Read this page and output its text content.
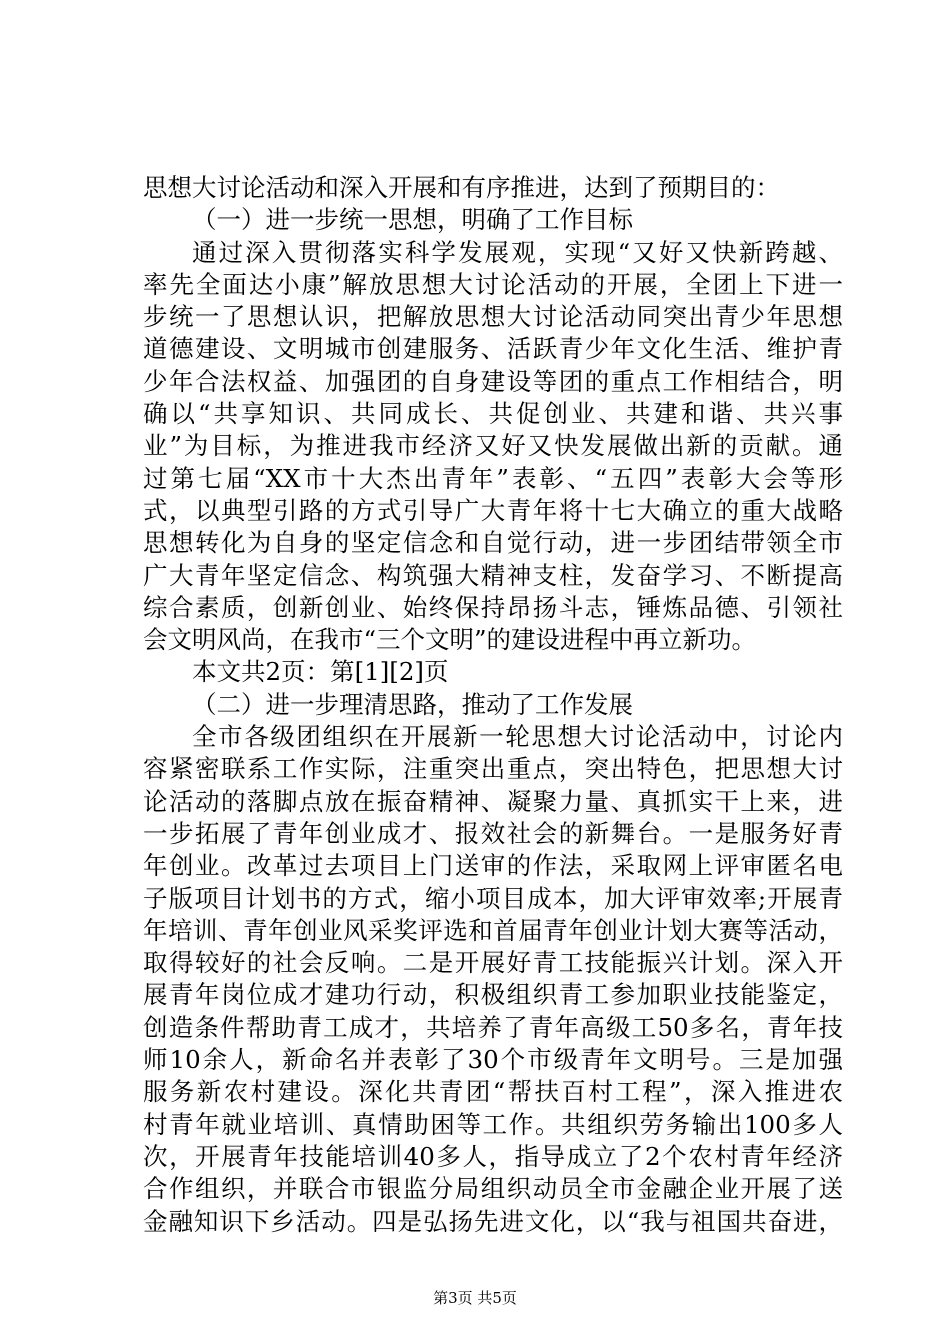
思想大讨论活动和深入开展和有序推进，达到了预期目的：
（一）进一步统一思想，明确了工作目标
通过深入贯彻落实科学发展观，实现“又好又快新跨越、
率先全面达小康”解放思想大讨论活动的开展，全团上下进一
步统一了思想认识，把解放思想大讨论活动同突出青少年思想
道德建设、文明城市创建服务、活跃青少年文化生活、维护青
少年合法权益、加强团的自身建设等团的重点工作相结合，明
确以“共享知识、共同成长、共促创业、共建和谐、共兴事
业”为目标，为推进我市经济又好又快发展做出新的贡献。通
过第七届“XX市十大杰出青年”表彰、“五四”表彰大会等形
式，以典型引路的方式引导广大青年将十七大确立的重大战略
思想转化为自身的坚定信念和自觉行动，进一步团结带领全市
广大青年坚定信念、构筑强大精神支柱，发奋学习、不断提高
综合素质，创新创业、始终保持昂扬斗志，锤炼品德、引领社
会文明风尚，在我市“三个文明”的建设进程中再立新功。
本文共2页：第[1][2]页
（二）进一步理清思路，推动了工作发展
全市各级团组织在开展新一轮思想大讨论活动中，讨论内
容紧密联系工作实际，注重突出重点，突出特色，把思想大讨
论活动的落脚点放在振奋精神、凝聚力量、真抓实干上来，进
一步拓展了青年创业成才、报效社会的新舞台。一是服务好青
年创业。改革过去项目上门送审的作法，采取网上评审匿名电
子版项目计划书的方式，缩小项目成本，加大评审效率;开展青
年培训、青年创业风采奖评选和首届青年创业计划大赛等活动，
取得较好的社会反响。二是开展好青工技能振兴计划。深入开
展青年岗位成才建功行动，积极组织青工参加职业技能鉴定，
创造条件帮助青工成才，共培养了青年高级工50多名，青年技
师10余人，新命名并表彰了30个市级青年文明号。三是加强
服务新农村建设。深化共青团“帮扶百村工程”，深入推进农
村青年就业培训、真情助困等工作。共组织劳务输出100多人
次，开展青年技能培训40多人，指导成立了2个农村青年经济
合作组织，并联合市银监分局组织动员全市金融企业开展了送
金融知识下乡活动。四是弘扬先进文化，以“我与祖国共奋进，
第3页 共5页
